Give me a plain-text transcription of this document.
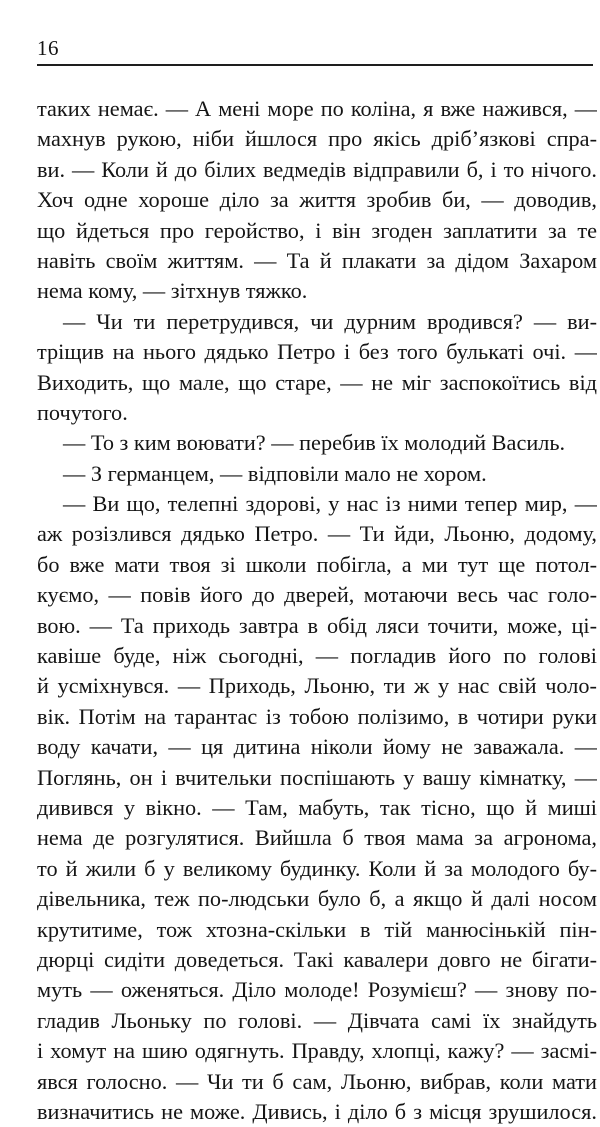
16
таких немає. — А мені море по коліна, я вже нажився, —
махнув рукою, ніби йшлося про якісь дріб’язкові спра-
ви. — Коли й до білих ведмедів відправили б, і то нічого.
Хоч одне хороше діло за життя зробив би, — доводив,
що йдеться про геройство, і він згоден заплатити за те
навіть своїм життям. — Та й плакати за дідом Захаром
нема кому, — зітхнув тяжко.
— Чи ти перетрудився, чи дурним вродився? — ви-
тріщив на нього дядько Петро і без того булькаті очі. —
Виходить, що мале, що старе, — не міг заспокоїтись від
почутого.
— То з ким воювати? — перебив їх молодий Василь.
— З германцем, — відповіли мало не хором.
— Ви що, телепні здорові, у нас із ними тепер мир, —
аж розізлився дядько Петро. — Ти йди, Льоню, додому,
бо вже мати твоя зі школи побігла, а ми тут ще потол-
куємо, — повів його до дверей, мотаючи весь час голо-
вою. — Та приходь завтра в обід ляси точити, може, ці-
кавіше буде, ніж сьогодні, — погладив його по голові
й усміхнувся. — Приходь, Льоню, ти ж у нас свій чоло-
вік. Потім на тарантас із тобою полізимо, в чотири руки
воду качати, — ця дитина ніколи йому не заважала. —
Поглянь, он і вчительки поспішають у вашу кімнатку, —
дивився у вікно. — Там, мабуть, так тісно, що й миші
нема де розгулятися. Вийшла б твоя мама за агронома,
то й жили б у великому будинку. Коли й за молодого бу-
дівельника, теж по-людськи було б, а якщо й далі носом
крутитиме, тож хтозна-скільки в тій манюсінькій пін-
дюрці сидіти доведеться. Такі кавалери довго не бігати-
муть — оженяться. Діло молоде! Розумієш? — знову по-
гладив Льоньку по голові. — Дівчата самі їх знайдуть
і хомут на шию одягнуть. Правду, хлопці, кажу? — засмі-
явся голосно. — Чи ти б сам, Льоню, вибрав, коли мати
визначитись не може. Дивись, і діло б з місця зрушилося.
